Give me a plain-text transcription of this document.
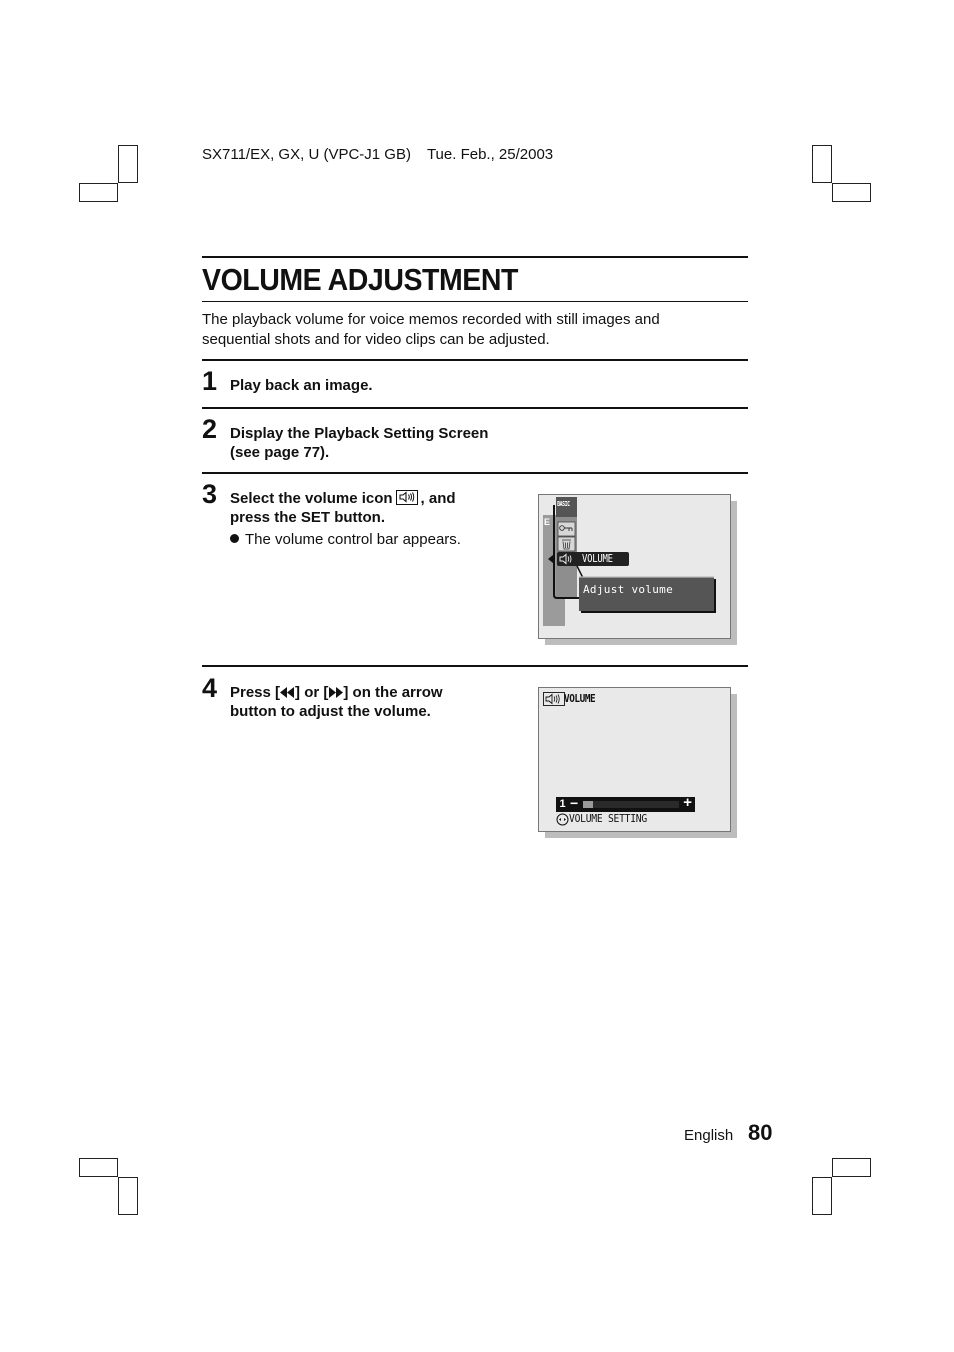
SX711/EX, GX, U (VPC-J1 GB) Tue. Feb., 25/2003
VOLUME ADJUSTMENT
The playback volume for voice memos recorded with still images and
sequential shots and for video clips can be adjusted.
1 Play back an image.
2 Display the Playback Setting Screen
(see page 77).
3 Select the volume icon , and
press the SET button.
The volume control bar appears.
BASIC
E
VOLUME
Adjust volume
4 Press [ ] or [ ] on the arrow
button to adjust the volume.
VOLUME
1 −	+
VOLUME SETTING
English 80
